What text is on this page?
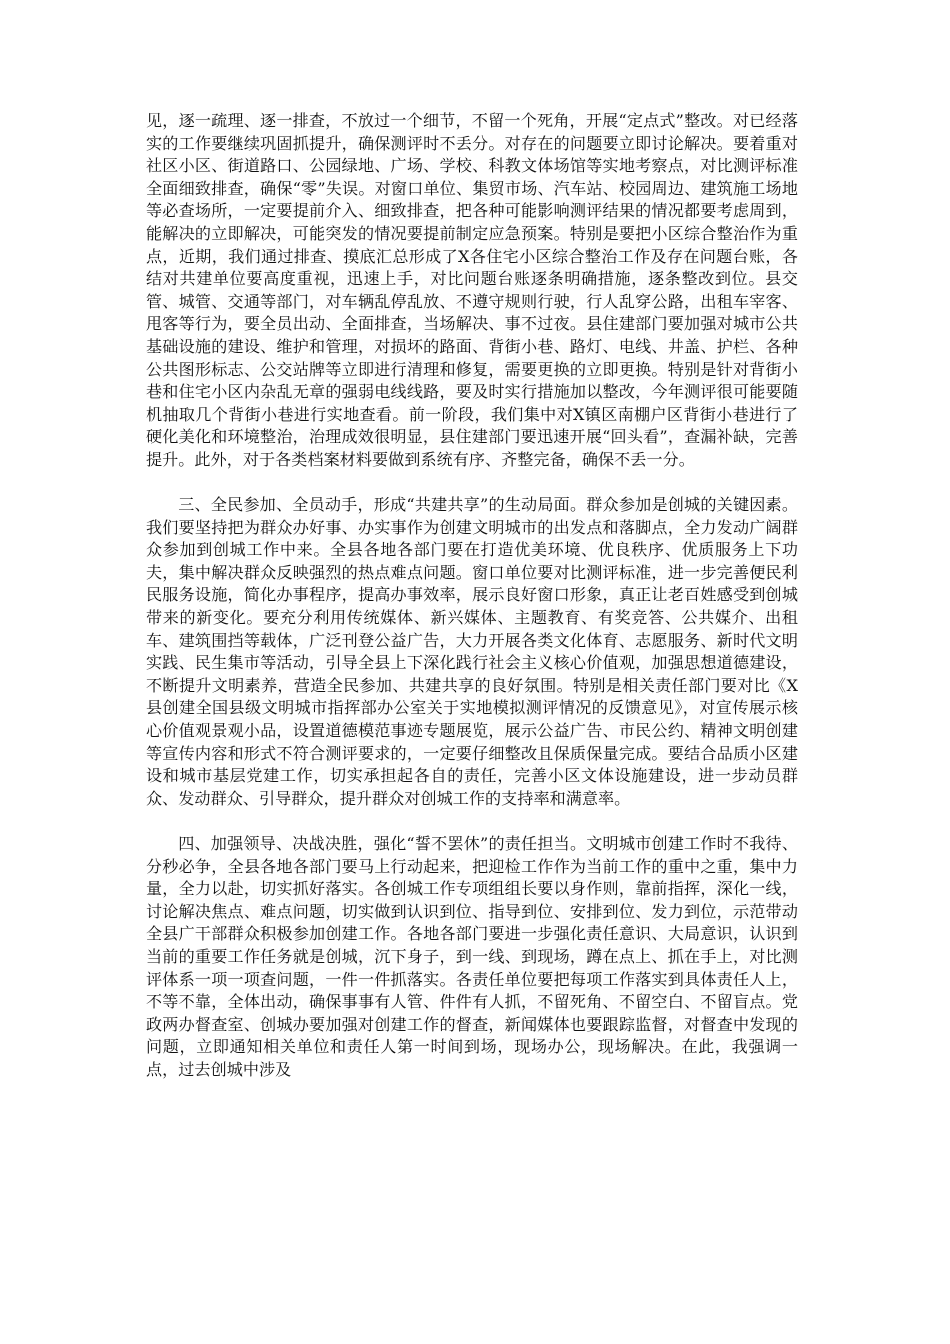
见，逐一疏理、逐一排查，不放过一个细节，不留一个死角，开展“定点式”整改。对已经落实的工作要继续巩固抓提升，确保测评时不丢分。对存在的问题要立即讨论解决。要着重对社区小区、街道路口、公园绿地、广场、学校、科教文体场馆等实地考察点，对比测评标准全面细致排查，确保“零”失误。对窗口单位、集贸市场、汽车站、校园周边、建筑施工场地等必查场所，一定要提前介入、细致排查，把各种可能影响测评结果的情况都要考虑周到，能解决的立即解决，可能突发的情况要提前制定应急预案。特别是要把小区综合整治作为重点，近期，我们通过排查、摸底汇总形成了X各住宅小区综合整治工作及存在问题台账，各结对共建单位要高度重视，迅速上手，对比问题台账逐条明确措施，逐条整改到位。县交管、城管、交通等部门，对车辆乱停乱放、不遵守规则行驶，行人乱穿公路，出租车宰客、甩客等行为，要全员出动、全面排查，当场解决、事不过夜。县住建部门要加强对城市公共基础设施的建设、维护和管理，对损坏的路面、背街小巷、路灯、电线、井盖、护栏、各种公共图形标志、公交站牌等立即进行清理和修复，需要更换的立即更换。特别是针对背街小巷和住宅小区内杂乱无章的强弱电线线路，要及时实行措施加以整改，今年测评很可能要随机抽取几个背街小巷进行实地查看。前一阶段，我们集中对X镇区南棚户区背街小巷进行了硬化美化和环境整治，治理成效很明显，县住建部门要迅速开展“回头看”，查漏补缺，完善提升。此外，对于各类档案材料要做到系统有序、齐整完备，确保不丢一分。

三、全民参加、全员动手，形成“共建共享”的生动局面。群众参加是创城的关键因素。我们要坚持把为群众办好事、办实事作为创建文明城市的出发点和落脚点，全力发动广阔群众参加到创城工作中来。全县各地各部门要在打造优美环境、优良秩序、优质服务上下功夫，集中解决群众反映强烈的热点难点问题。窗口单位要对比测评标准，进一步完善便民利民服务设施，简化办事程序，提高办事效率，展示良好窗口形象，真正让老百姓感受到创城带来的新变化。要充分利用传统媒体、新兴媒体、主题教育、有奖竞答、公共媒介、出租车、建筑围挡等载体，广泛刊登公益广告，大力开展各类文化体育、志愿服务、新时代文明实践、民生集市等活动，引导全县上下深化践行社会主义核心价值观，加强思想道德建设，不断提升文明素养，营造全民参加、共建共享的良好氛围。特别是相关责任部门要对比《X县创建全国县级文明城市指挥部办公室关于实地模拟测评情况的反馈意见》，对宣传展示核心价值观景观小品，设置道德模范事迹专题展览，展示公益广告、市民公约、精神文明创建等宣传内容和形式不符合测评要求的，一定要仔细整改且保质保量完成。要结合品质小区建设和城市基层党建工作，切实承担起各自的责任，完善小区文体设施建设，进一步动员群众、发动群众、引导群众，提升群众对创城工作的支持率和满意率。

四、加强领导、决战决胜，强化“誓不罢休”的责任担当。文明城市创建工作时不我待、分秒必争，全县各地各部门要马上行动起来，把迎检工作作为当前工作的重中之重，集中力量，全力以赴，切实抓好落实。各创城工作专项组组长要以身作则，靠前指挥，深化一线，讨论解决焦点、难点问题，切实做到认识到位、指导到位、安排到位、发力到位，示范带动全县广干部群众积极参加创建工作。各地各部门要进一步强化责任意识、大局意识，认识到当前的重要工作任务就是创城，沉下身子，到一线、到现场，蹲在点上、抓在手上，对比测评体系一项一项查问题，一件一件抓落实。各责任单位要把每项工作落实到具体责任人上，不等不靠，全体出动，确保事事有人管、件件有人抓，不留死角、不留空白、不留盲点。党政两办督查室、创城办要加强对创建工作的督查，新闻媒体也要跟踪监督，对督查中发现的问题，立即通知相关单位和责任人第一时间到场，现场办公，现场解决。在此，我强调一点，过去创城中涉及
